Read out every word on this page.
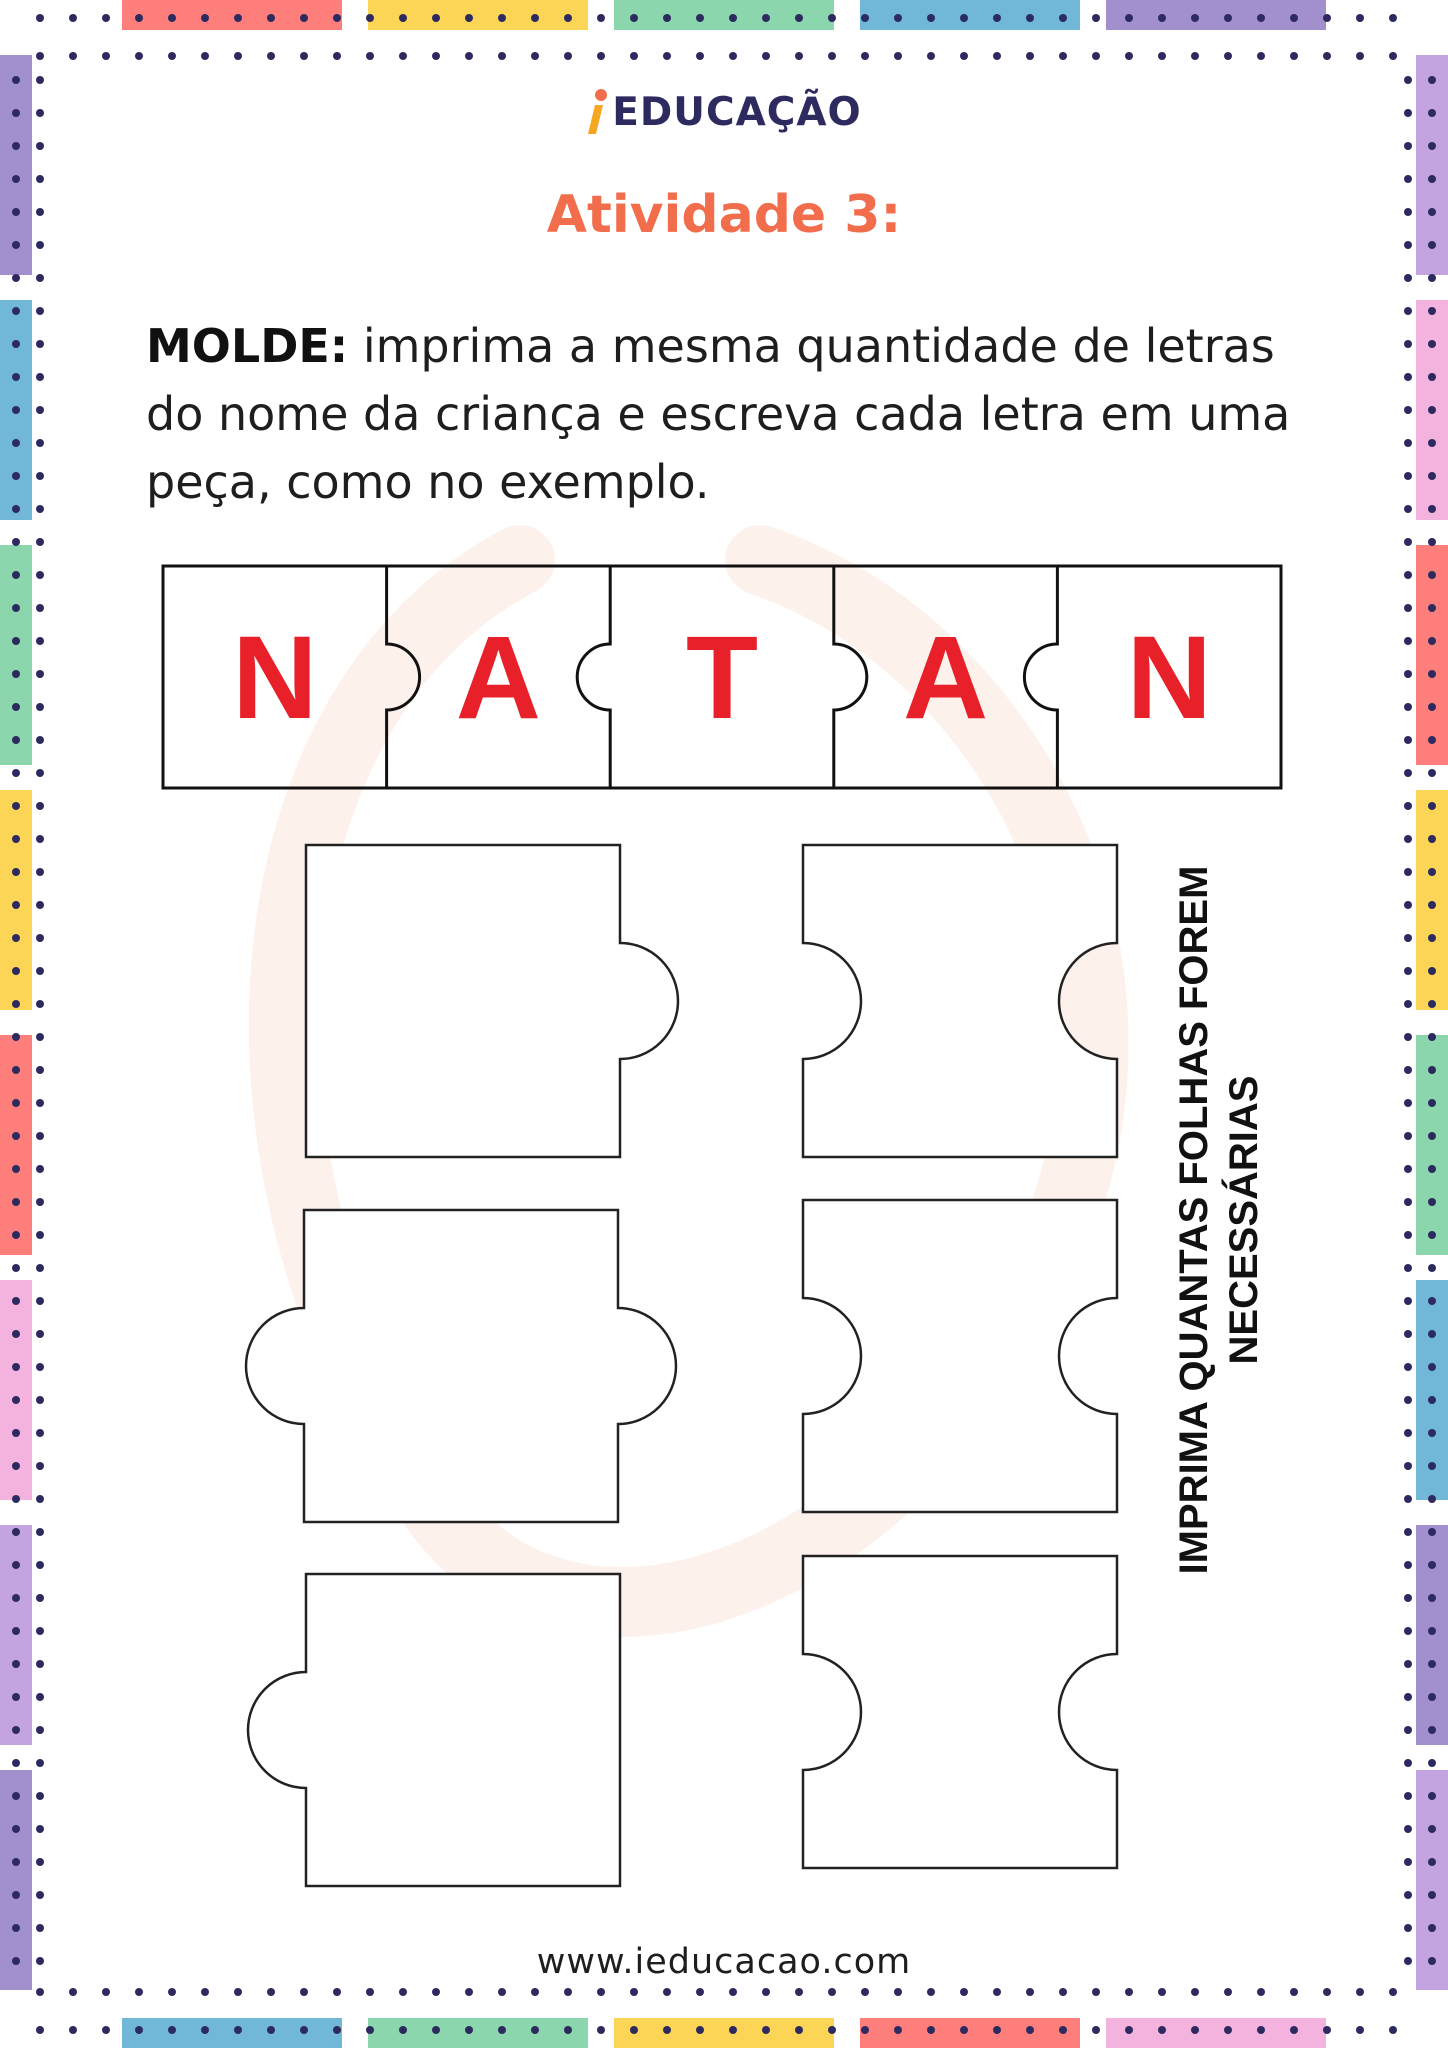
EDUCAÇÃO
Atividade 3:
MOLDE: imprima a mesma quantidade de letras do nome da criança e escreva cada letra em uma peça, como no exemplo.
N A T A N
IMPRIMA QUANTAS FOLHAS FOREM NECESSÁRIAS
www.ieducacao.com
